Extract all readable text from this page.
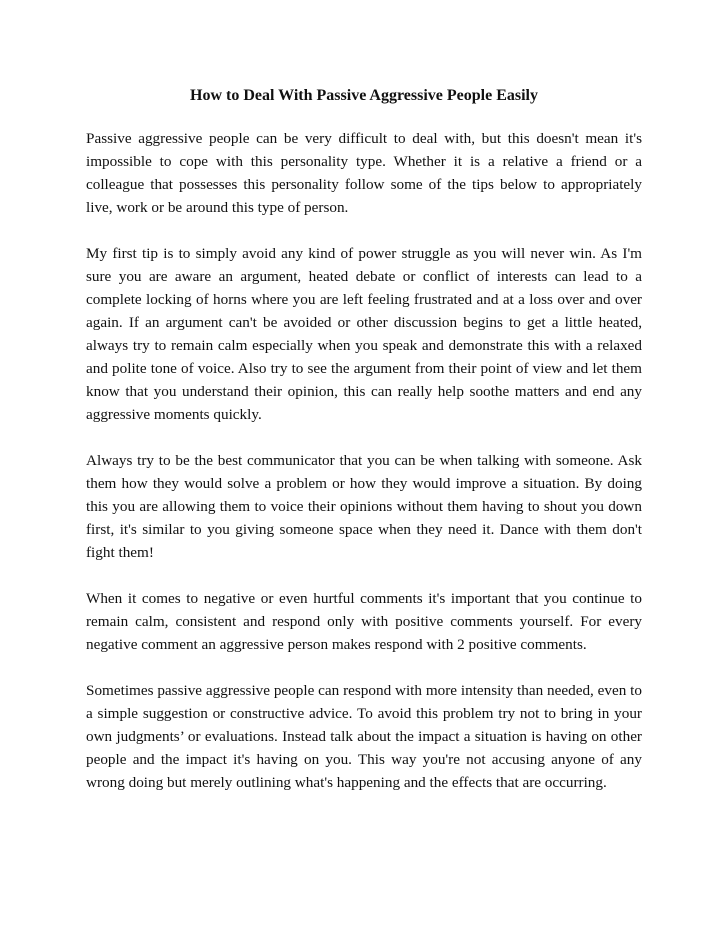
How to Deal With Passive Aggressive People Easily

Passive aggressive people can be very difficult to deal with, but this doesn't mean it's impossible to cope with this personality type. Whether it is a relative a friend or a colleague that possesses this personality follow some of the tips below to appropriately live, work or be around this type of person.

My first tip is to simply avoid any kind of power struggle as you will never win. As I'm sure you are aware an argument, heated debate or conflict of interests can lead to a complete locking of horns where you are left feeling frustrated and at a loss over and over again. If an argument can't be avoided or other discussion begins to get a little heated, always try to remain calm especially when you speak and demonstrate this with a relaxed and polite tone of voice. Also try to see the argument from their point of view and let them know that you understand their opinion, this can really help soothe matters and end any aggressive moments quickly.

Always try to be the best communicator that you can be when talking with someone. Ask them how they would solve a problem or how they would improve a situation. By doing this you are allowing them to voice their opinions without them having to shout you down first, it's similar to you giving someone space when they need it. Dance with them don't fight them!

When it comes to negative or even hurtful comments it's important that you continue to remain calm, consistent and respond only with positive comments yourself. For every negative comment an aggressive person makes respond with 2 positive comments.

Sometimes passive aggressive people can respond with more intensity than needed, even to a simple suggestion or constructive advice. To avoid this problem try not to bring in your own judgments’ or evaluations. Instead talk about the impact a situation is having on other people and the impact it's having on you. This way you're not accusing anyone of any wrong doing but merely outlining what's happening and the effects that are occurring.
